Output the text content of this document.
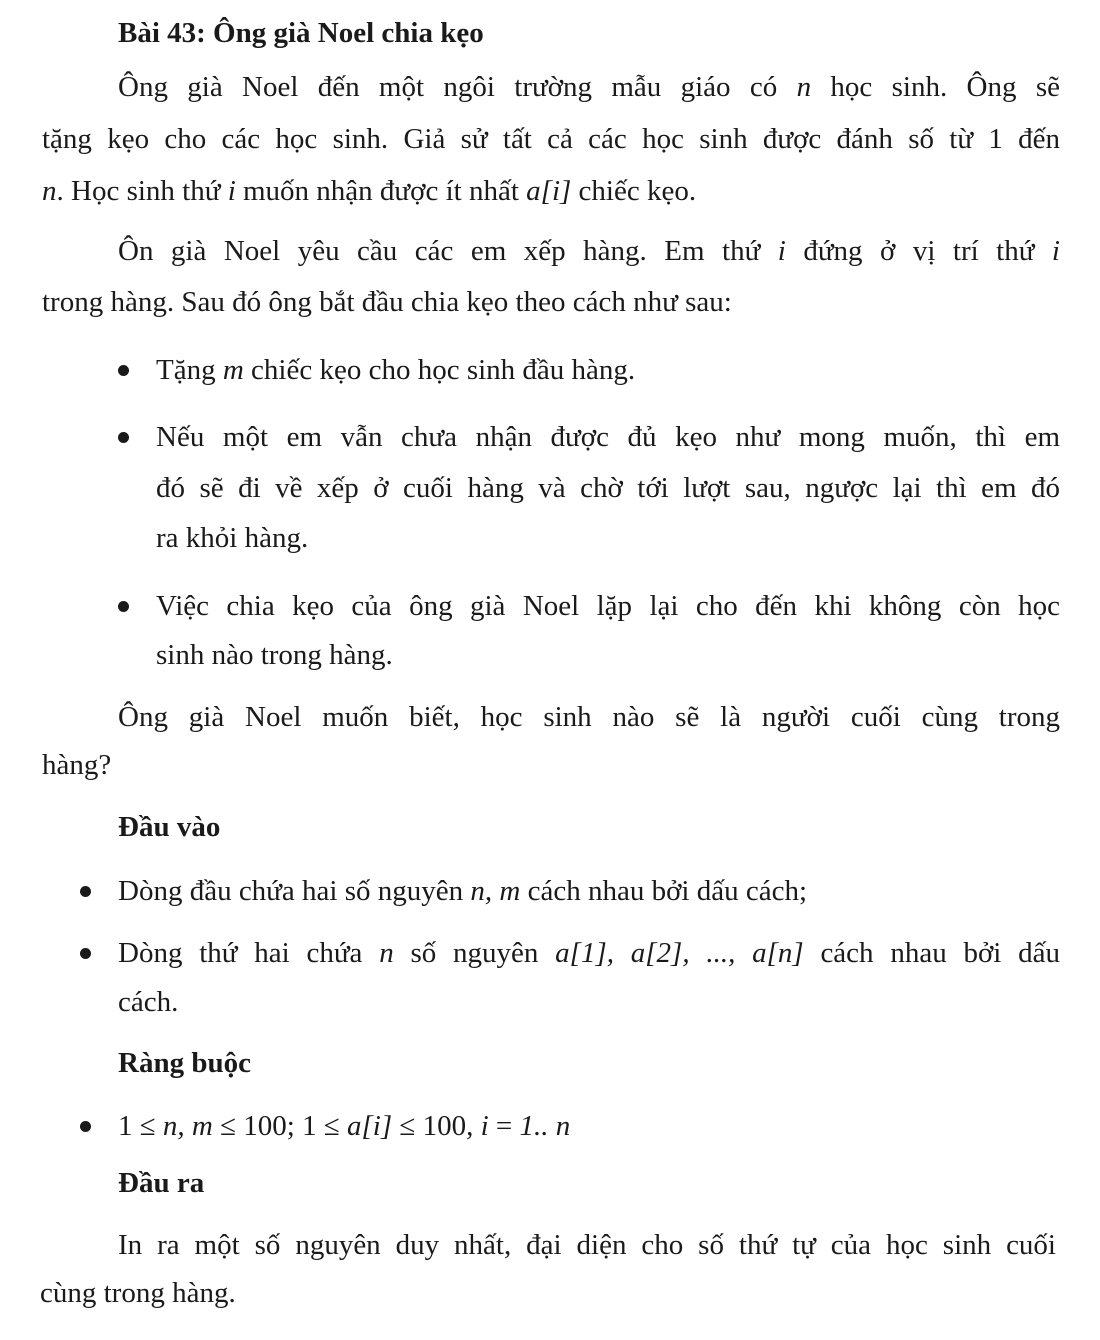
Bài 43: Ông già Noel chia kẹo
Ông già Noel đến một ngôi trường mẫu giáo có n học sinh. Ông sẽ
tặng kẹo cho các học sinh. Giả sử tất cả các học sinh được đánh số từ 1 đến
n. Học sinh thứ i muốn nhận được ít nhất a[i] chiếc kẹo.
Ôn già Noel yêu cầu các em xếp hàng. Em thứ i đứng ở vị trí thứ i
trong hàng. Sau đó ông bắt đầu chia kẹo theo cách như sau:
Tặng m chiếc kẹo cho học sinh đầu hàng.
Nếu một em vẫn chưa nhận được đủ kẹo như mong muốn, thì em
đó sẽ đi về xếp ở cuối hàng và chờ tới lượt sau, ngược lại thì em đó
ra khỏi hàng.
Việc chia kẹo của ông già Noel lặp lại cho đến khi không còn học
sinh nào trong hàng.
Ông già Noel muốn biết, học sinh nào sẽ là người cuối cùng trong
hàng?
Đầu vào
Dòng đầu chứa hai số nguyên n, m cách nhau bởi dấu cách;
Dòng thứ hai chứa n số nguyên a[1], a[2], ..., a[n] cách nhau bởi dấu
cách.
Ràng buộc
1 ≤ n, m ≤ 100; 1 ≤ a[i] ≤ 100, i = 1.. n
Đầu ra
In ra một số nguyên duy nhất, đại diện cho số thứ tự của học sinh cuối
cùng trong hàng.
